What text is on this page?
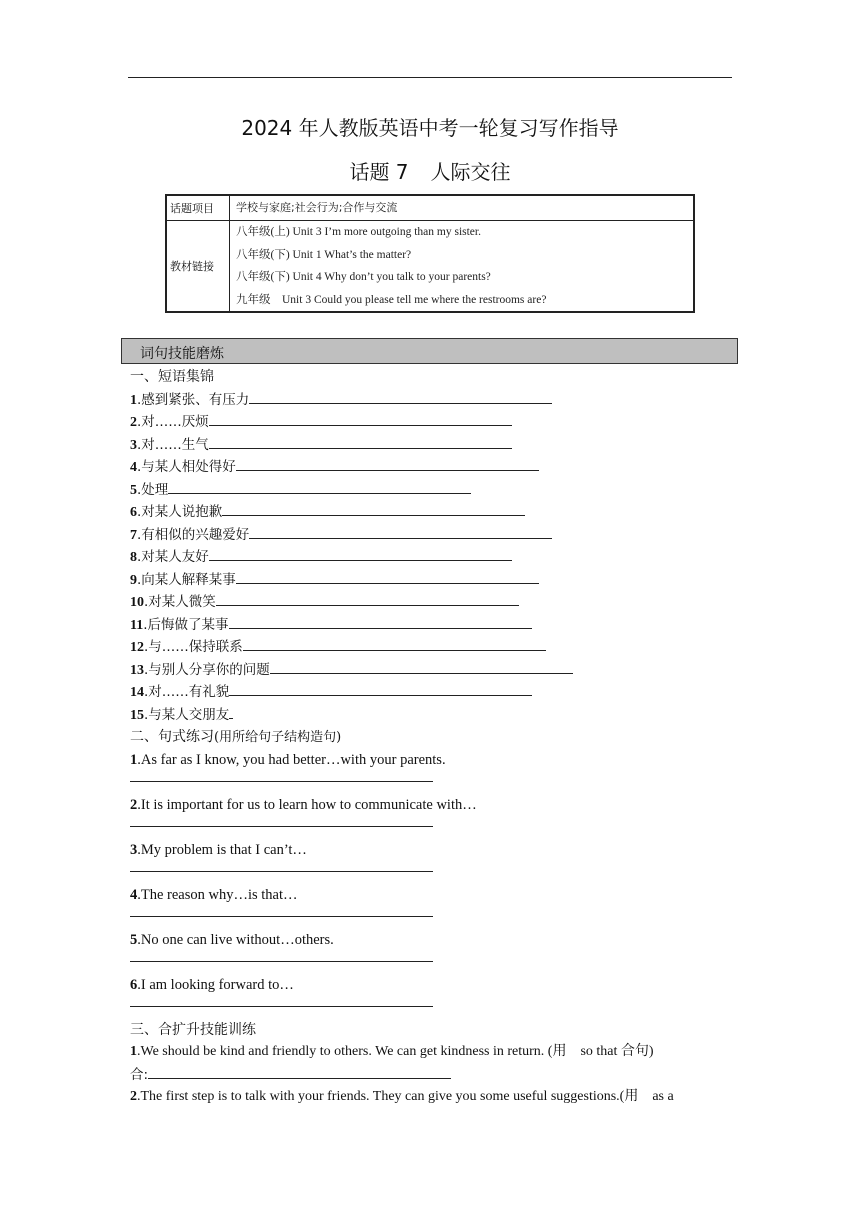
2024 年人教版英语中考一轮复习写作指导
话题 7 人际交往
话题项目	学校与家庭;社会行为;合作与交流

教材链接	八年级(上) Unit 3 I’m more outgoing than my sister.
八年级(下) Unit 1 What’s the matter?
八年级(下) Unit 4 Why don’t you talk to your parents?
九年级　Unit 3 Could you please tell me where the restrooms are?
词句技能磨炼
一、短语集锦
1.感到紧张、有压力
2.对……厌烦
3.对……生气
4.与某人相处得好
5.处理
6.对某人说抱歉
7.有相似的兴趣爱好
8.对某人友好
9.向某人解释某事
10.对某人微笑
11.后悔做了某事
12.与……保持联系
13.与别人分享你的问题
14.对……有礼貌
15.与某人交朋友
二、句式练习(用所给句子结构造句)
1.As far as I know, you had better…with your parents.
2.It is important for us to learn how to communicate with…
3.My problem is that I can’t…
4.The reason why…is that…
5.No one can live without…others.
6.I am looking forward to…
三、合扩升技能训练
1.We should be kind and friendly to others. We can get kindness in return. (用　so that 合句)
合:
2.The first step is to talk with your friends. They can give you some useful suggestions.(用　as a
